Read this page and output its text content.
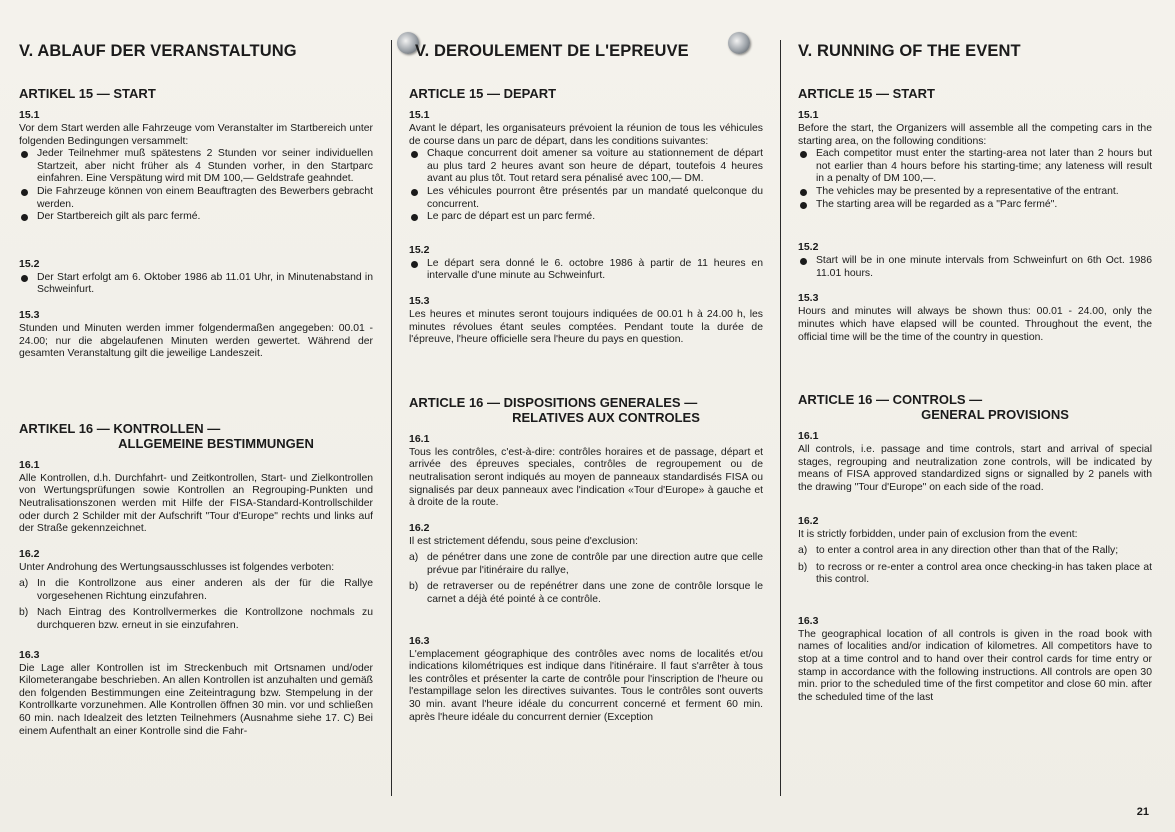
V. ABLAUF DER VERANSTALTUNG
ARTIKEL 15 — START
15.1

Vor dem Start werden alle Fahrzeuge vom Veranstalter im Startbereich unter folgenden Bedingungen versammelt:

Jeder Teilnehmer muß spätestens 2 Stunden vor seiner individuellen Startzeit, aber nicht früher als 4 Stunden vorher, in den Startparc einfahren. Eine Verspätung wird mit DM 100,— Geldstrafe geahndet.
Die Fahrzeuge können von einem Beauftragten des Bewerbers gebracht werden.
Der Startbereich gilt als parc fermé.
15.2
Der Start erfolgt am 6. Oktober 1986 ab 11.01 Uhr, in Minutenabstand in Schweinfurt.
15.3

Stunden und Minuten werden immer folgendermaßen angegeben: 00.01 - 24.00; nur die abgelaufenen Minuten werden gewertet. Während der gesamten Veranstaltung gilt die jeweilige Landeszeit.

ARTIKEL 16 — KONTROLLEN —
ALLGEMEINE BESTIMMUNGEN
16.1

Alle Kontrollen, d.h. Durchfahrt- und Zeitkontrollen, Start- und Zielkontrollen von Wertungsprüfungen sowie Kontrollen an Regrouping-Punkten und Neutralisationszonen werden mit Hilfe der FISA-Standard-Kontrollschilder oder durch 2 Schilder mit der Aufschrift "Tour d'Europe" rechts und links auf der Straße gekennzeichnet.

16.2

Unter Androhung des Wertungsausschlusses ist folgendes verboten:

a) In die Kontrollzone aus einer anderen als der für die Rallye vorgesehenen Richtung einzufahren.
b) Nach Eintrag des Kontrollvermerkes die Kontrollzone nochmals zu durchqueren bzw. erneut in sie einzufahren.
16.3

Die Lage aller Kontrollen ist im Streckenbuch mit Ortsnamen und/oder Kilometerangabe beschrieben. An allen Kontrollen ist anzuhalten und gemäß den folgenden Bestimmungen eine Zeiteintragung bzw. Stempelung in der Kontrollkarte vorzunehmen. Alle Kontrollen öffnen 30 min. vor und schließen 60 min. nach Idealzeit des letzten Teilnehmers (Ausnahme siehe 17. C) Bei einem Aufenthalt an einer Kontrolle sind die Fahr-

V. DEROULEMENT DE L'EPREUVE
ARTICLE 15 — DEPART
15.1

Avant le départ, les organisateurs prévoient la réunion de tous les véhicules de course dans un parc de départ, dans les conditions suivantes:

Chaque concurrent doit amener sa voiture au stationnement de départ au plus tard 2 heures avant son heure de départ, toutefois 4 heures avant au plus tôt. Tout retard sera pénalisé avec 100,— DM.
Les véhicules pourront être présentés par un mandaté quelconque du concurrent.
Le parc de départ est un parc fermé.
15.2
Le départ sera donné le 6. octobre 1986 à partir de 11 heures en intervalle d'une minute au Schweinfurt.
15.3

Les heures et minutes seront toujours indiquées de 00.01 h à 24.00 h, les minutes révolues étant seules comptées. Pendant toute la durée de l'épreuve, l'heure officielle sera l'heure du pays en question.

ARTICLE 16 — DISPOSITIONS GENERALES —
RELATIVES AUX CONTROLES
16.1

Tous les contrôles, c'est-à-dire: contrôles horaires et de passage, départ et arrivée des épreuves speciales, contrôles de regroupement ou de neutralisation seront indiqués au moyen de panneaux standardisés FISA ou signalisés par deux panneaux avec l'indication «Tour d'Europe» à gauche et à droite de la route.

16.2

Il est strictement défendu, sous peine d'exclusion:

a) de pénétrer dans une zone de contrôle par une direction autre que celle prévue par l'itinéraire du rallye,
b) de retraverser ou de repénétrer dans une zone de contrôle lorsque le carnet a déjà été pointé à ce contrôle.
16.3

L'emplacement géographique des contrôles avec noms de localités et/ou indications kilométriques est indique dans l'itinéraire. Il faut s'arrêter à tous les contrôles et présenter la carte de contrôle pour l'inscription de l'heure ou l'estampillage selon les directives suivantes. Tous le contrôles sont ouverts 30 min. avant l'heure idéale du concurrent concerné et ferment 60 min. après l'heure idéale du concurrent dernier (Exception

V. RUNNING OF THE EVENT
ARTICLE 15 — START
15.1

Before the start, the Organizers will assemble all the competing cars in the starting area, on the following conditions:

Each competitor must enter the starting-area not later than 2 hours but not earlier than 4 hours before his starting-time; any lateness will result in a penalty of DM 100,—.
The vehicles may be presented by a representative of the entrant.
The starting area will be regarded as a "Parc fermé".
15.2
Start will be in one minute intervals from Schweinfurt on 6th Oct. 1986 11.01 hours.
15.3

Hours and minutes will always be shown thus: 00.01 - 24.00, only the minutes which have elapsed will be counted. Throughout the event, the official time will be the time of the country in question.

ARTICLE 16 — CONTROLS —
GENERAL PROVISIONS
16.1

All controls, i.e. passage and time controls, start and arrival of special stages, regrouping and neutralization zone controls, will be indicated by means of FISA approved standardized signs or signalled by 2 panels with the drawing "Tour d'Europe" on each side of the road.

16.2

It is strictly forbidden, under pain of exclusion from the event:

a) to enter a control area in any direction other than that of the Rally;
b) to recross or re-enter a control area once checking-in has taken place at this control.
16.3

The geographical location of all controls is given in the road book with names of localities and/or indication of kilometres. All competitors have to stop at a time control and to hand over their control cards for time entry or stamp in accordance with the following instructions. All controls are open 30 min. prior to the scheduled time of the first competitor and close 60 min. after the scheduled time of the last

21
